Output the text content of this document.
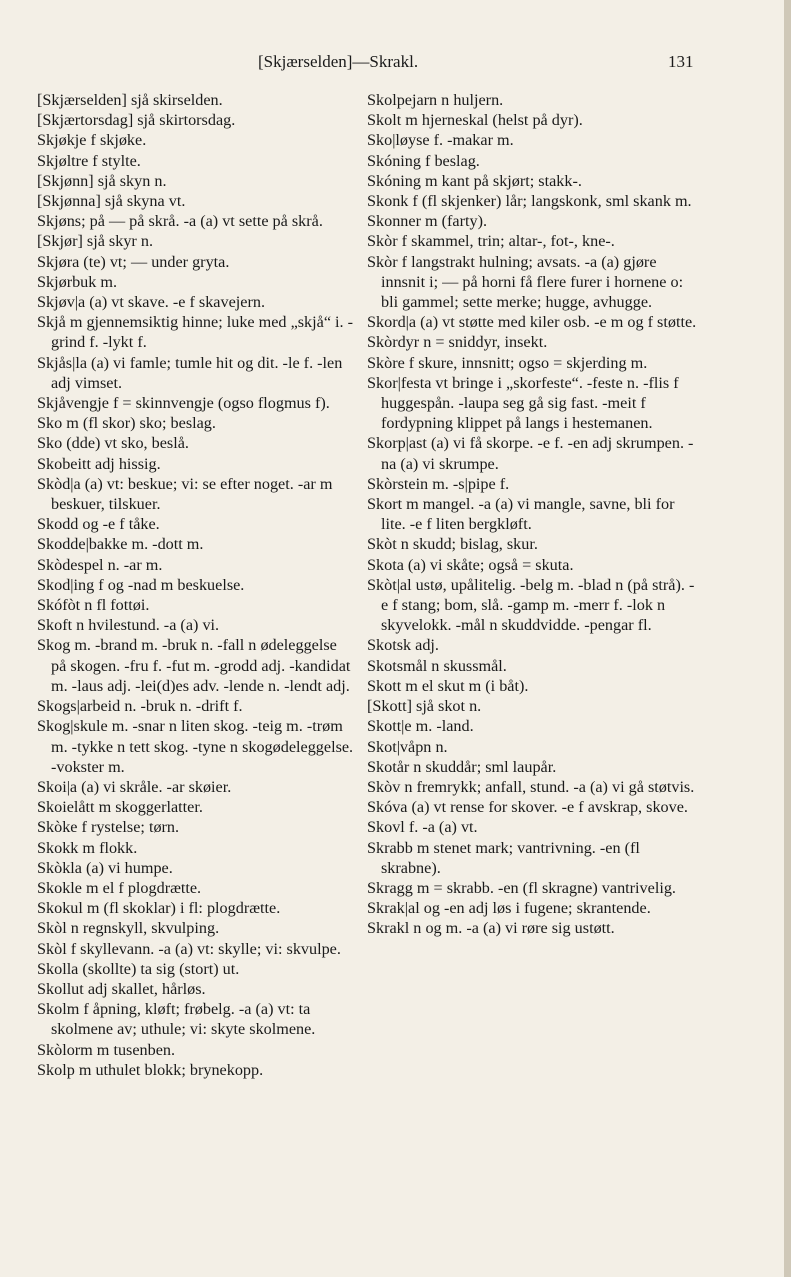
[Skjærselden]—Skrakl.	131

[Skjærselden] sjå skirselden.

[Skjærtorsdag] sjå skirtorsdag.

Skjøkje f skjøke.

Skjøltre f stylte.

[Skjønn] sjå skyn n.

[Skjønna] sjå skyna vt.

Skjøns; på — på skrå. -a (a) vt sette på skrå.

[Skjør] sjå skyr n.

Skjøra (te) vt; — under gryta.

Skjørbuk m.

Skjøv|a (a) vt skave. -e f skavejern.

Skjå m gjennemsiktig hinne; luke med „skjå“ i. -grind f. -lykt f.

Skjås|la (a) vi famle; tumle hit og dit. -le f. -len adj vimset.

Skjåvengje f = skinnvengje (ogso flogmus f).

Sko m (fl skor) sko; beslag.

Sko (dde) vt sko, beslå.

Skobeitt adj hissig.

Skòd|a (a) vt: beskue; vi: se efter noget. -ar m beskuer, tilskuer.

Skodd og -e f tåke.

Skodde|bakke m. -dott m.

Skòdespel n. -ar m.

Skod|ing f og -nad m beskuelse.

Skófòt n fl fottøi.

Skoft n hvilestund. -a (a) vi.

Skog m. -brand m. -bruk n. -fall n ødeleggelse på skogen. -fru f. -fut m. -grodd adj. -kandidat m. -laus adj. -lei(d)es adv. -lende n. -lendt adj.

Skogs|arbeid n. -bruk n. -drift f.

Skog|skule m. -snar n liten skog. -teig m. -trøm m. -tykke n tett skog. -tyne n skogødeleggelse. -vokster m.

Skoi|a (a) vi skråle. -ar skøier.

Skoielått m skoggerlatter.

Skòke f rystelse; tørn.

Skokk m flokk.

Skòkla (a) vi humpe.

Skokle m el f plogdrætte.

Skokul m (fl skoklar) i fl: plogdrætte.

Skòl n regnskyll, skvulping.

Skòl f skyllevann. -a (a) vt: skylle; vi: skvulpe.

Skolla (skollte) ta sig (stort) ut.

Skollut adj skallet, hårløs.

Skolm f åpning, kløft; frøbelg. -a (a) vt: ta skolmene av; uthule; vi: skyte skolmene.

Skòlorm m tusenben.

Skolp m uthulet blokk; brynekopp.

Skolpejarn n huljern.

Skolt m hjerneskal (helst på dyr).

Sko|løyse f. -makar m.

Skóning f beslag.

Skóning m kant på skjørt; stakk-.

Skonk f (fl skjenker) lår; langskonk, sml skank m.

Skonner m (farty).

Skòr f skammel, trin; altar-, fot-, kne-.

Skòr f langstrakt hulning; avsats. -a (a) gjøre innsnit i; — på horni få flere furer i hornene o: bli gammel; sette merke; hugge, avhugge.

Skord|a (a) vt støtte med kiler osb. -e m og f støtte.

Skòrdyr n = sniddyr, insekt.

Skòre f skure, innsnitt; ogso = skjerding m.

Skor|festa vt bringe i „skorfeste“. -feste n. -flis f huggespån. -laupa seg gå sig fast. -meit f fordypning klippet på langs i hestemanen.

Skorp|ast (a) vi få skorpe. -e f. -en adj skrumpen. -na (a) vi skrumpe.

Skòrstein m. -s|pipe f.

Skort m mangel. -a (a) vi mangle, savne, bli for lite. -e f liten bergkløft.

Skòt n skudd; bislag, skur.

Skota (a) vi skåte; også = skuta.

Skòt|al ustø, upålitelig. -belg m. -blad n (på strå). -e f stang; bom, slå. -gamp m. -merr f. -lok n skyvelokk. -mål n skuddvidde. -pengar fl.

Skotsk adj.

Skotsmål n skussmål.

Skott m el skut m (i båt).

[Skott] sjå skot n.

Skott|e m. -land.

Skot|våpn n.

Skotår n skuddår; sml laupår.

Skòv n fremrykk; anfall, stund. -a (a) vi gå støtvis.

Skóva (a) vt rense for skover. -e f avskrap, skove.

Skovl f. -a (a) vt.

Skrabb m stenet mark; vantrivning. -en (fl skrabne).

Skragg m = skrabb. -en (fl skragne) vantrivelig.

Skrak|al og -en adj løs i fugene; skrantende.

Skrakl n og m. -a (a) vi røre sig ustøtt.
